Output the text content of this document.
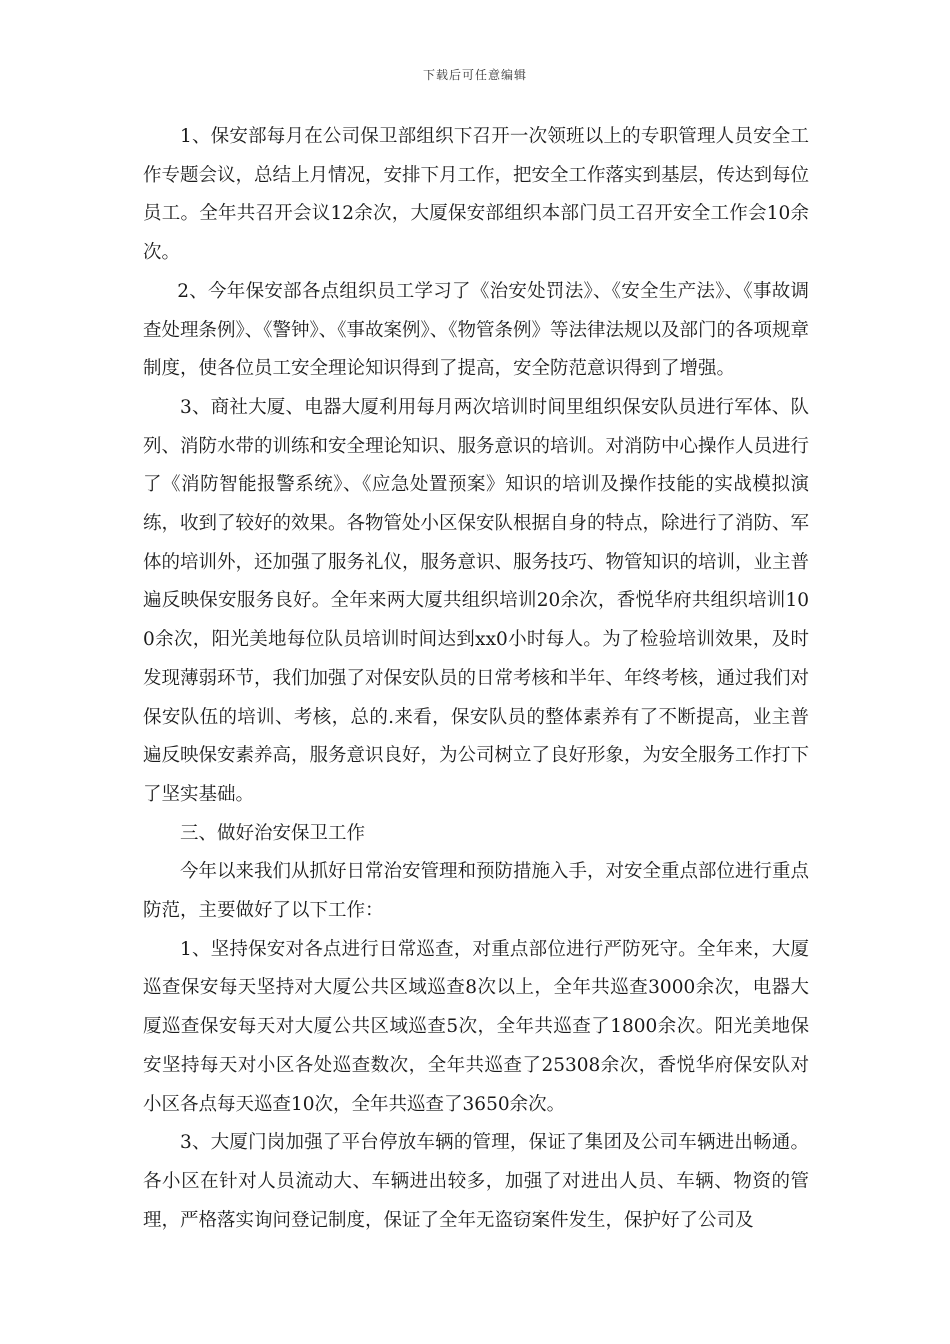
下载后可任意编辑

1、保安部每月在公司保卫部组织下召开一次领班以上的专职管理人员安全工作专题会议，总结上月情况，安排下月工作，把安全工作落实到基层，传达到每位员工。全年共召开会议12余次，大厦保安部组织本部门员工召开安全工作会10余次。

2、今年保安部各点组织员工学习了《治安处罚法》、《安全生产法》、《事故调查处理条例》、《警钟》、《事故案例》、《物管条例》等法律法规以及部门的各项规章制度，使各位员工安全理论知识得到了提高，安全防范意识得到了增强。

3、商社大厦、电器大厦利用每月两次培训时间里组织保安队员进行军体、队列、消防水带的训练和安全理论知识、服务意识的培训。对消防中心操作人员进行了《消防智能报警系统》、《应急处置预案》知识的培训及操作技能的实战模拟演练，收到了较好的效果。各物管处小区保安队根据自身的特点，除进行了消防、军体的培训外，还加强了服务礼仪，服务意识、服务技巧、物管知识的培训，业主普遍反映保安服务良好。全年来两大厦共组织培训20余次，香悦华府共组织培训100余次，阳光美地每位队员培训时间达到xx0小时每人。为了检验培训效果，及时发现薄弱环节，我们加强了对保安队员的日常考核和半年、年终考核，通过我们对保安队伍的培训、考核，总的.来看，保安队员的整体素养有了不断提高，业主普遍反映保安素养高，服务意识良好，为公司树立了良好形象，为安全服务工作打下了坚实基础。

三、做好治安保卫工作

今年以来我们从抓好日常治安管理和预防措施入手，对安全重点部位进行重点防范，主要做好了以下工作：

1、坚持保安对各点进行日常巡查，对重点部位进行严防死守。全年来，大厦巡查保安每天坚持对大厦公共区域巡查8次以上，全年共巡查3000余次，电器大厦巡查保安每天对大厦公共区域巡查5次，全年共巡查了1800余次。阳光美地保安坚持每天对小区各处巡查数次，全年共巡查了25308余次，香悦华府保安队对小区各点每天巡查10次，全年共巡查了3650余次。

3、大厦门岗加强了平台停放车辆的管理，保证了集团及公司车辆进出畅通。各小区在针对人员流动大、车辆进出较多，加强了对进出人员、车辆、物资的管理，严格落实询问登记制度，保证了全年无盗窃案件发生，保护好了公司及
